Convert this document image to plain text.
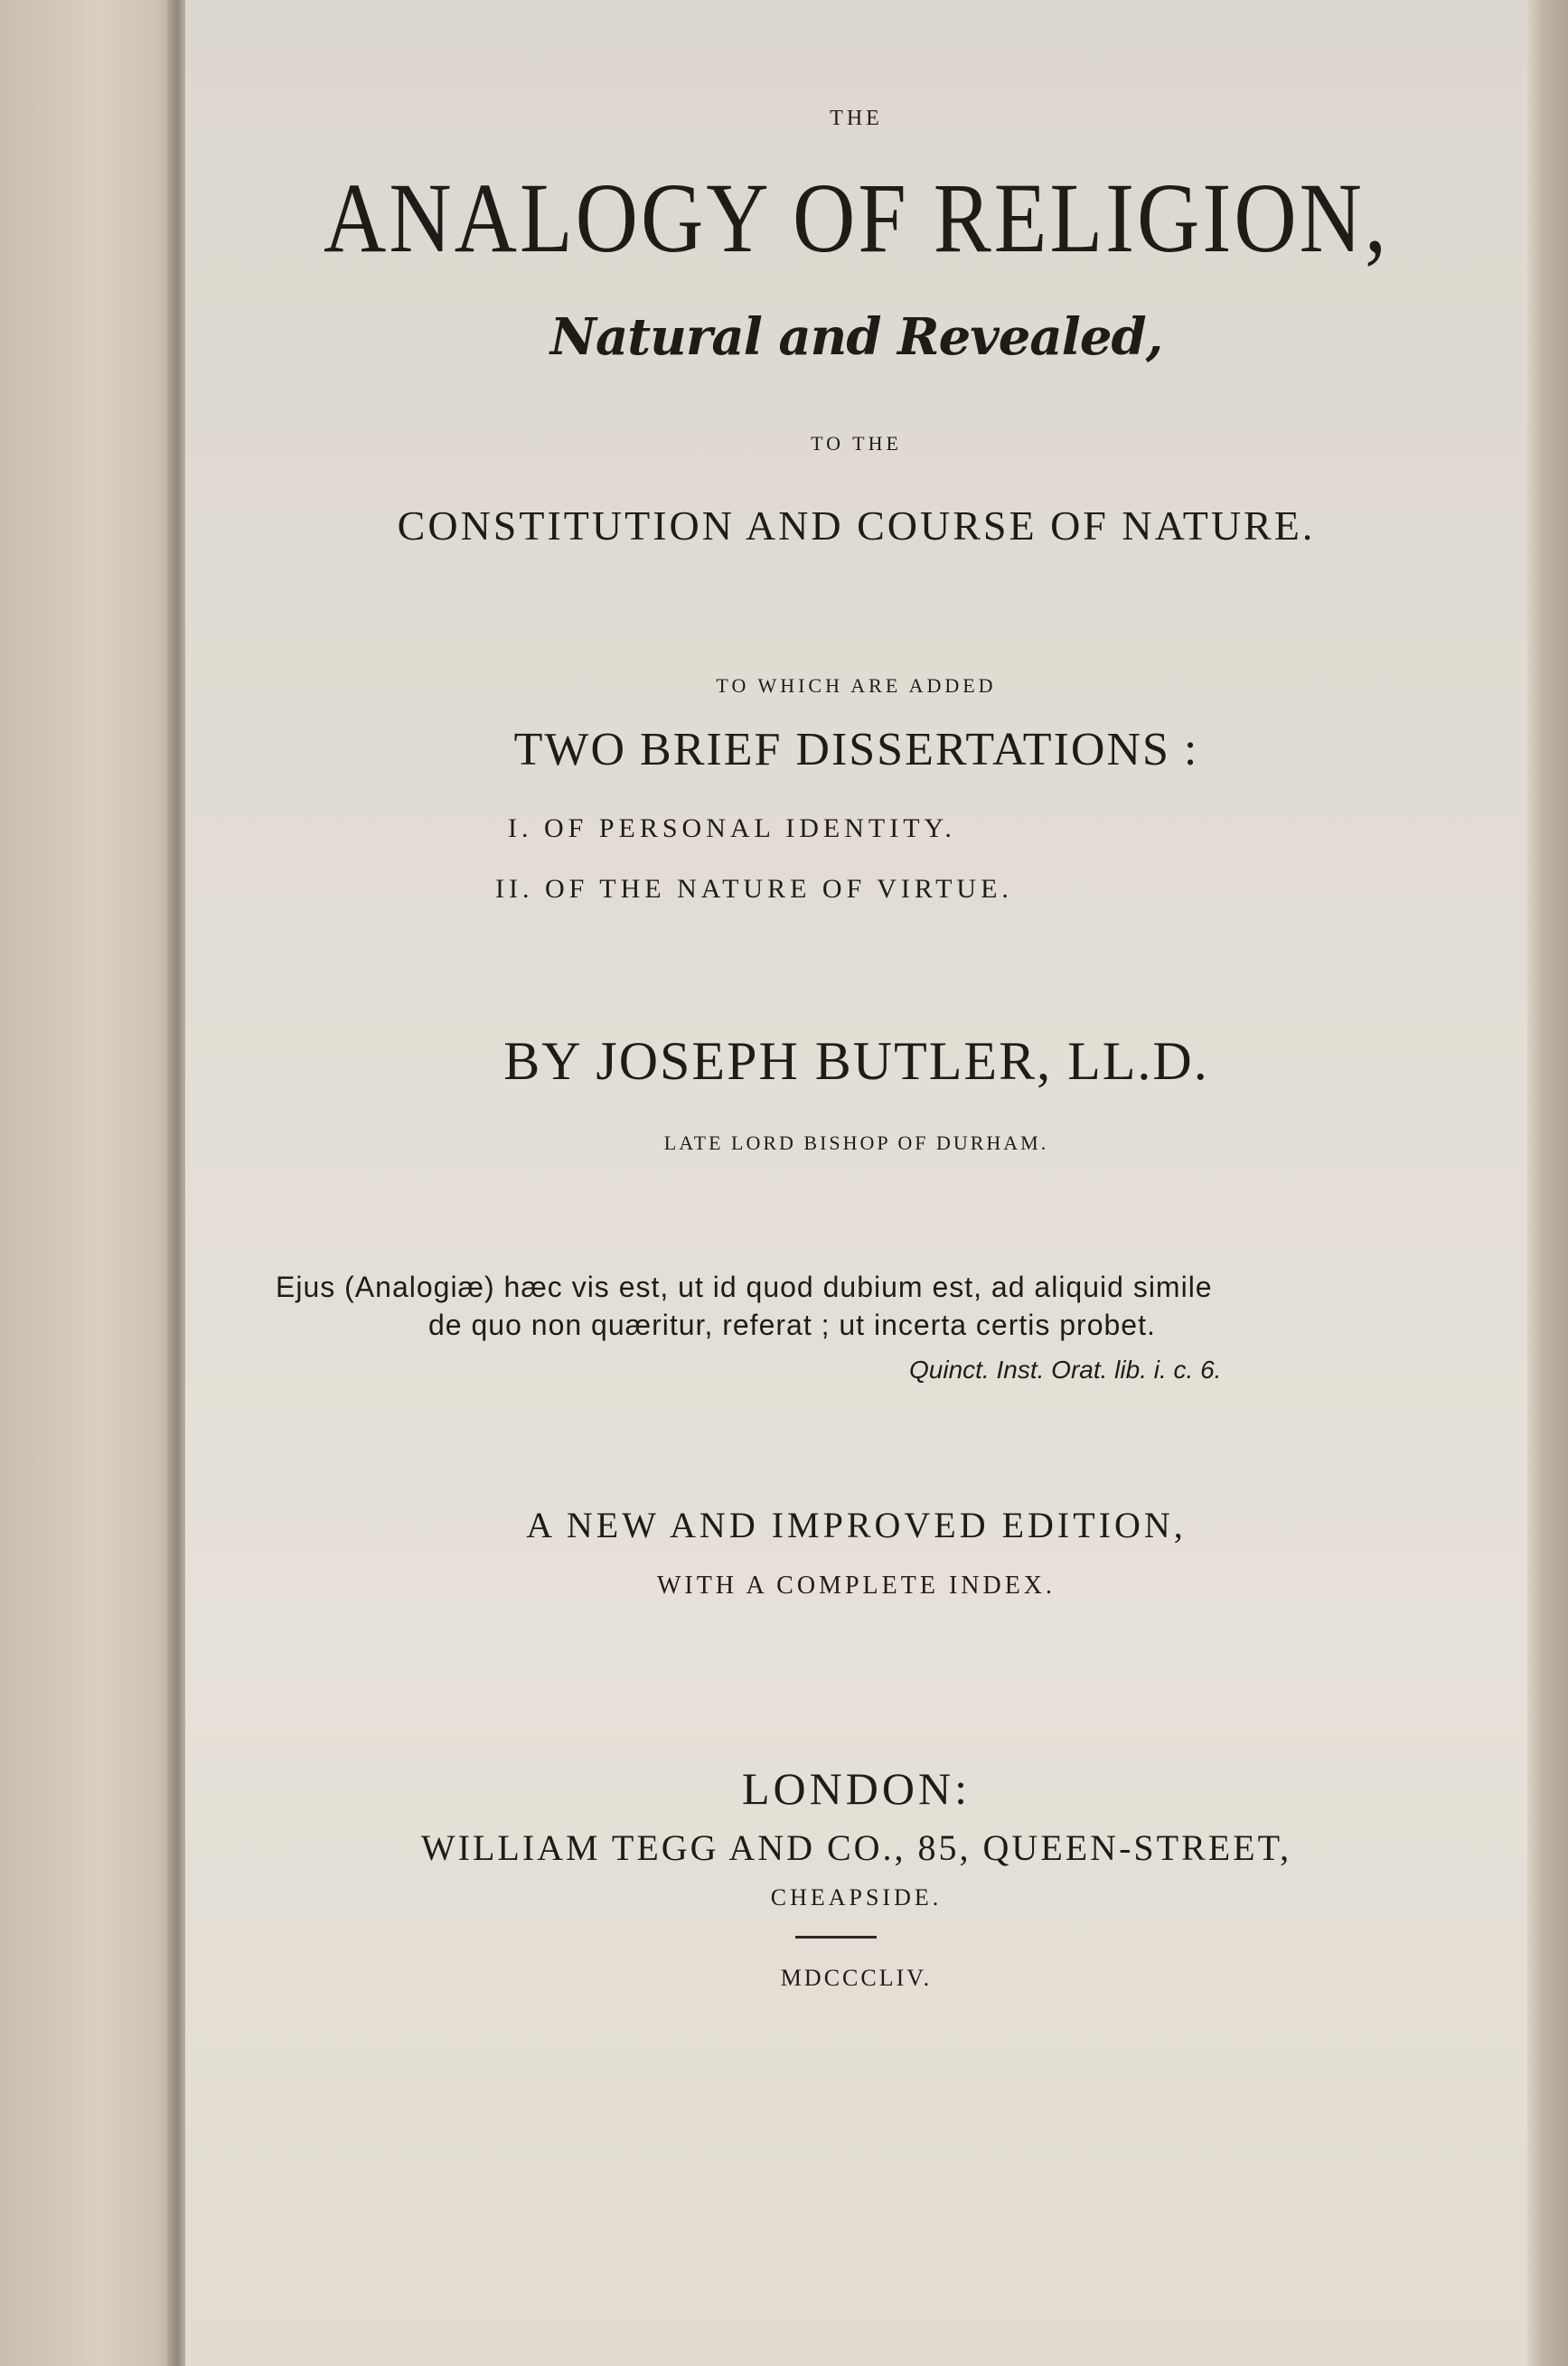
THE
ANALOGY OF RELIGION,
Natural and Revealed,
TO THE
CONSTITUTION AND COURSE OF NATURE.
TO WHICH ARE ADDED
TWO BRIEF DISSERTATIONS :
I. OF PERSONAL IDENTITY.
II. OF THE NATURE OF VIRTUE.
BY JOSEPH BUTLER, LL.D.
LATE LORD BISHOP OF DURHAM.
Ejus (Analogiæ) hæc vis est, ut id quod dubium est, ad aliquid simile
de quo non quæritur, referat ; ut incerta certis probet.
Quinct. Inst. Orat. lib. i. c. 6.
A NEW AND IMPROVED EDITION,
WITH A COMPLETE INDEX.
LONDON:
WILLIAM TEGG AND CO., 85, QUEEN-STREET,
CHEAPSIDE.
MDCCCLIV.
